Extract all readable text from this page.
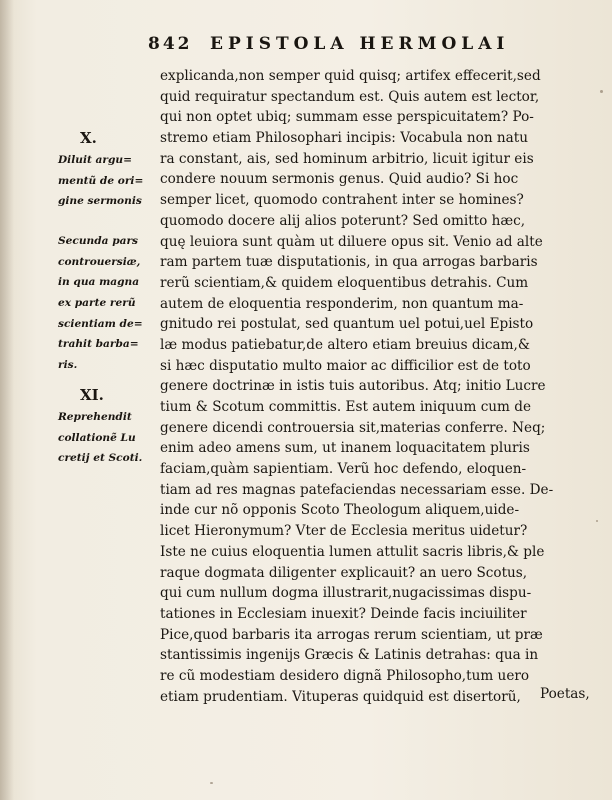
842 EPISTOLA HERMOLAI
X.
Diluit argu=
mentũ de ori=
gine sermonis
Secunda pars
controuersiæ,
in qua magna
ex parte rerũ
scientiam de=
trahit barba=
ris.
XI.
Reprehendit
collationẽ Lu
cretij et Scoti.
explicanda,non semper quid quisq; artifex effecerit,sed
quid requiratur spectandum est. Quis autem est lector,
qui non optet ubiq; summam esse perspicuitatem? Po-
stremo etiam Philosophari incipis: Vocabula non natu
ra constant, ais, sed hominum arbitrio, licuit igitur eis
condere nouum sermonis genus. Quid audio? Si hoc
semper licet, quomodo contrahent inter se homines?
quomodo docere alij alios poterunt? Sed omitto hæc,
quę leuiora sunt quàm ut diluere opus sit. Venio ad alte
ram partem tuæ disputationis, in qua arrogas barbaris
rerũ scientiam,& quidem eloquentibus detrahis. Cum
autem de eloquentia responderim, non quantum ma-
gnitudo rei postulat, sed quantum uel potui,uel Episto
læ modus patiebatur,de altero etiam breuius dicam,&
si hæc disputatio multo maior ac difficilior est de toto
genere doctrinæ in istis tuis autoribus. Atq; initio Lucre
tium & Scotum committis. Est autem iniquum cum de
genere dicendi controuersia sit,materias conferre. Neq;
enim adeo amens sum, ut inanem loquacitatem pluris
faciam,quàm sapientiam. Verũ hoc defendo, eloquen-
tiam ad res magnas patefaciendas necessariam esse. De-
inde cur nõ opponis Scoto Theologum aliquem,uide-
licet Hieronymum? Vter de Ecclesia meritus uidetur?
Iste ne cuius eloquentia lumen attulit sacris libris,& ple
raque dogmata diligenter explicauit? an uero Scotus,
qui cum nullum dogma illustrarit,nugacissimas dispu-
tationes in Ecclesiam inuexit? Deinde facis inciuiliter
Pice,quod barbaris ita arrogas rerum scientiam, ut præ
stantissimis ingenijs Græcis & Latinis detrahas: qua in
re cũ modestiam desidero dignã Philosopho,tum uero
etiam prudentiam. Vituperas quidquid est disertorũ,	Poetas,
